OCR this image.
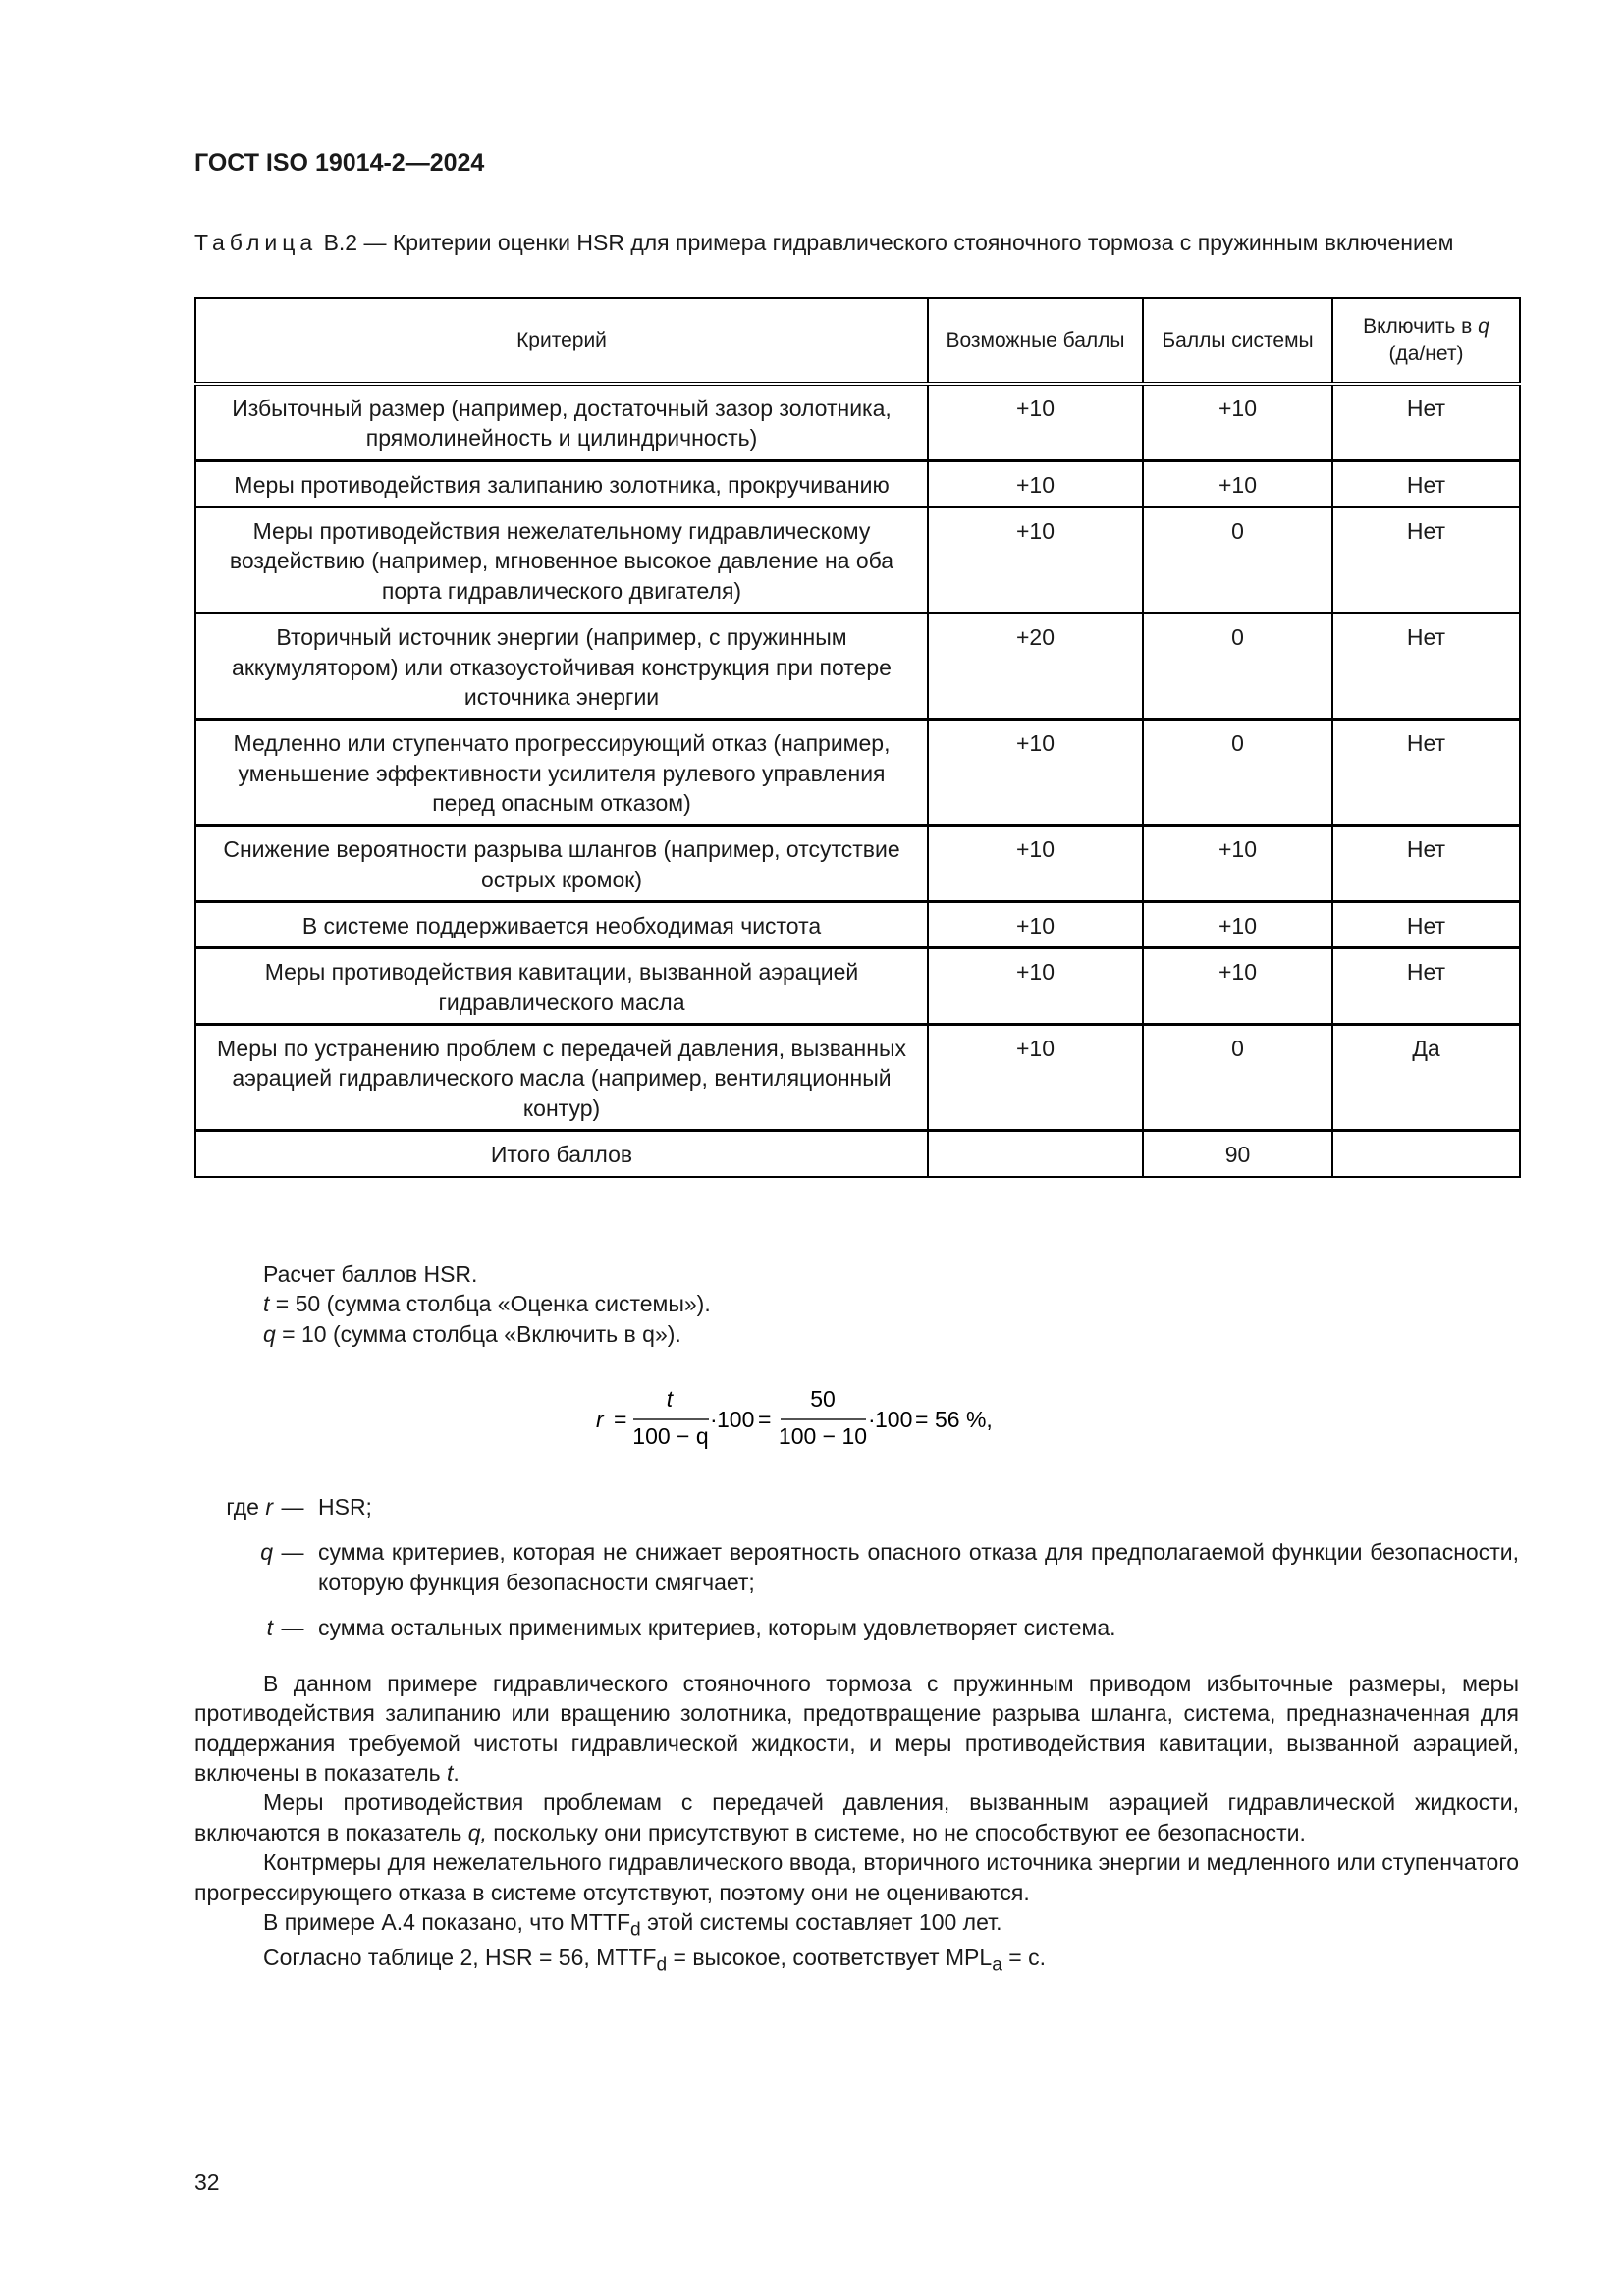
ГОСТ ISO 19014-2—2024
Таблица В.2 — Критерии оценки HSR для примера гидравлического стояночного тормоза с пружинным включением
Критерий	Возможные баллы	Баллы системы	Включить в q
(да/нет)
Избыточный размер (например, достаточный зазор золотника, прямолинейность и цилиндричность)	+10	+10	Нет
Меры противодействия залипанию золотника, прокручиванию	+10	+10	Нет
Меры противодействия нежелательному гидравлическому воздействию (например, мгновенное высокое давление на оба порта гидравлического двигателя)	+10	0	Нет
Вторичный источник энергии (например, с пружинным аккумулятором) или отказоустойчивая конструкция при потере источника энергии	+20	0	Нет
Медленно или ступенчато прогрессирующий отказ (например, уменьшение эффективности усилителя рулевого управления перед опасным отказом)	+10	0	Нет
Снижение вероятности разрыва шлангов (например, отсутствие острых кромок)	+10	+10	Нет
В системе поддерживается необходимая чистота	+10	+10	Нет
Меры противодействия кавитации, вызванной аэрацией гидравлического масла	+10	+10	Нет
Меры по устранению проблем с передачей давления, вызванных аэрацией гидравлического масла (например, вентиляционный контур)	+10	0	Да
Итого баллов		90	
Расчет баллов HSR.
t = 50 (сумма столбца «Оценка системы»).
q = 10 (сумма столбца «Включить в q»).
r =
t
100 − q
· 100 =
50
100 − 10
· 100 = 56 %,
где r — HSR;
q — сумма критериев, которая не снижает вероятность опасного отказа для предполагаемой функции безопасности, которую функция безопасности смягчает;
t — сумма остальных применимых критериев, которым удовлетворяет система.

В данном примере гидравлического стояночного тормоза с пружинным приводом избыточные размеры, меры противодействия залипанию или вращению золотника, предотвращение разрыва шланга, система, предназначенная для поддержания требуемой чистоты гидравлической жидкости, и меры противодействия кавитации, вызванной аэрацией, включены в показатель t.

Меры противодействия проблемам с передачей давления, вызванным аэрацией гидравлической жидкости, включаются в показатель q, поскольку они присутствуют в системе, но не способствуют ее безопасности.

Контрмеры для нежелательного гидравлического ввода, вторичного источника энергии и медленного или ступенчатого прогрессирующего отказа в системе отсутствуют, поэтому они не оцениваются.

В примере А.4 показано, что $MTTF_d$ этой системы составляет 100 лет.

Согласно таблице 2, HSR = 56, $MTTF_d$ = высокое, соответствует $MPL_a = c$.

32
